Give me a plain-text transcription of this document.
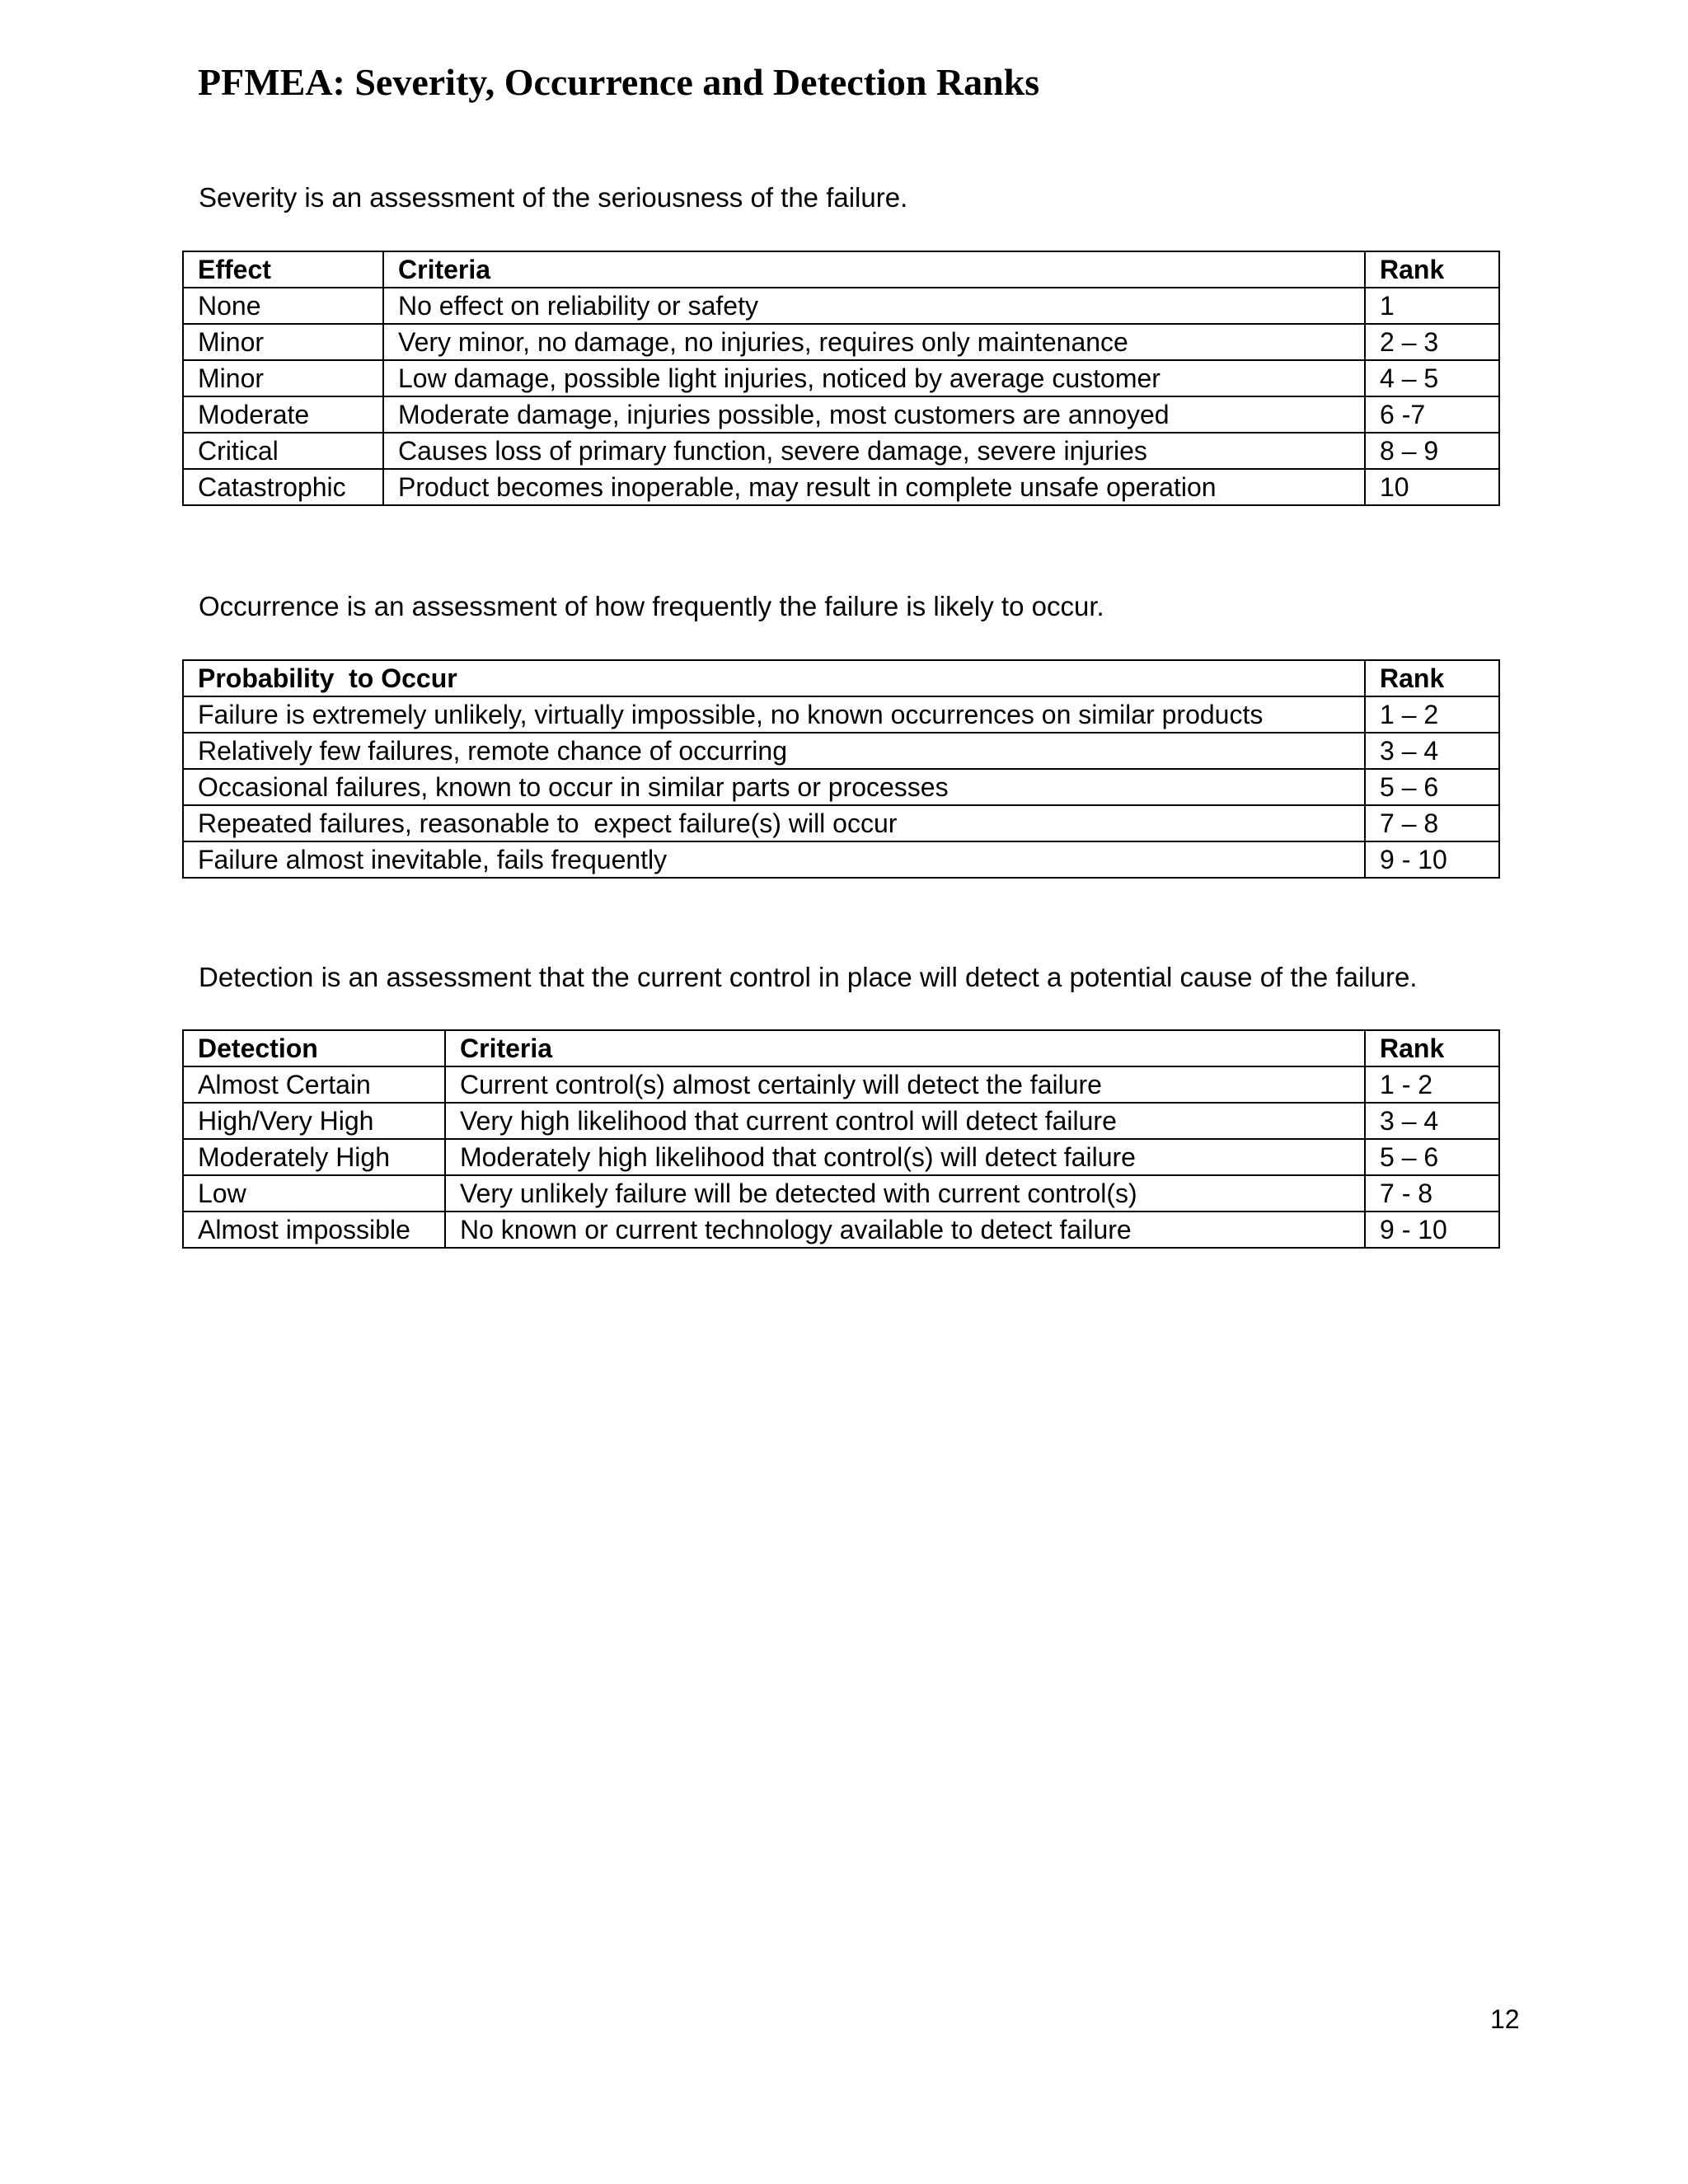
PFMEA: Severity, Occurrence and Detection Ranks

Severity is an assessment of the seriousness of the failure.

Effect	Criteria	Rank
None	No effect on reliability or safety	1
Minor	Very minor, no damage, no injuries, requires only maintenance	2 – 3
Minor	Low damage, possible light injuries, noticed by average customer	4 – 5
Moderate	Moderate damage, injuries possible, most customers are annoyed	6 -7
Critical	Causes loss of primary function, severe damage, severe injuries	8 – 9
Catastrophic	Product becomes inoperable, may result in complete unsafe operation	10

Occurrence is an assessment of how frequently the failure is likely to occur.

Probability  to Occur	Rank
Failure is extremely unlikely, virtually impossible, no known occurrences on similar products	1 – 2
Relatively few failures, remote chance of occurring	3 – 4
Occasional failures, known to occur in similar parts or processes	5 – 6
Repeated failures, reasonable to  expect failure(s) will occur	7 – 8
Failure almost inevitable, fails frequently	9 - 10

Detection is an assessment that the current control in place will detect a potential cause of the failure.

Detection	Criteria	Rank
Almost Certain	Current control(s) almost certainly will detect the failure	1 - 2
High/Very High	Very high likelihood that current control will detect failure	3 – 4
Moderately High	Moderately high likelihood that control(s) will detect failure	5 – 6
Low	Very unlikely failure will be detected with current control(s)	7 - 8
Almost impossible	No known or current technology available to detect failure	9 - 10

12
